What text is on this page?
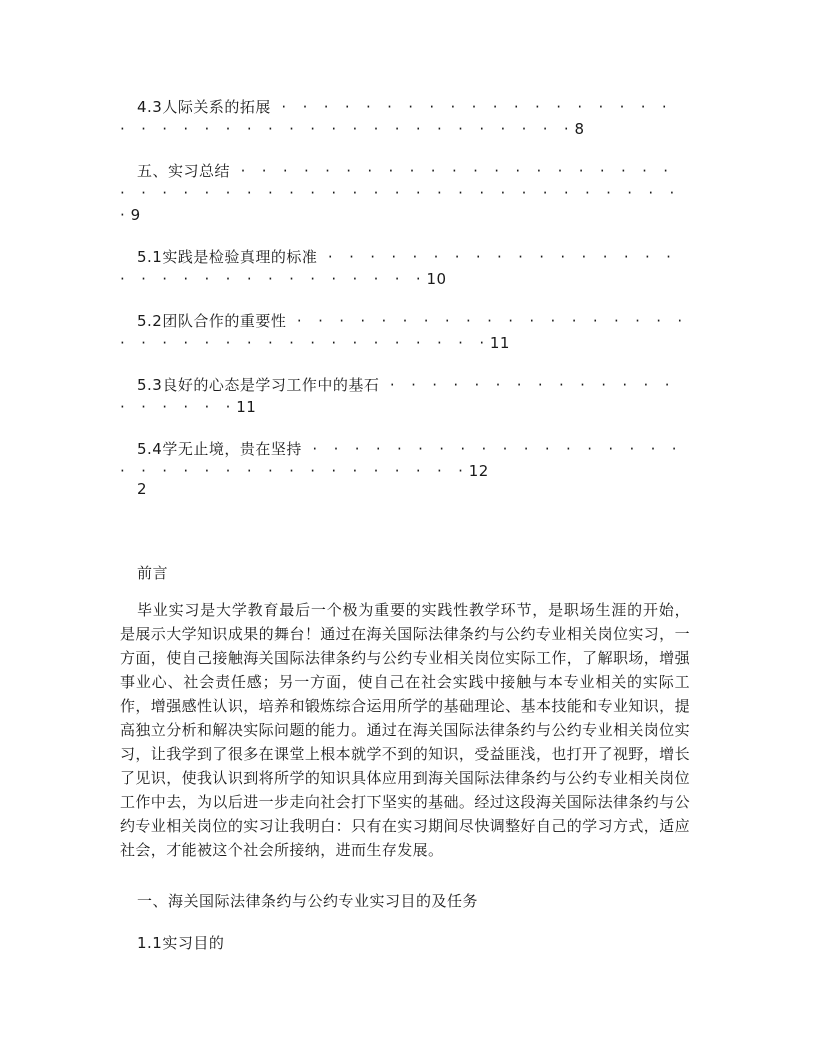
4.3人际关系的拓展 · · · · · · · · · · · · · · · · · · · · · · · · · · · · · · · · · · · · · · · · ·8
五、实习总结 · · · · · · · · · · · · · · · · · · · · · · · · · · · · · · · · · · · · · · · · · · · · · · · · ·9
5.1实践是检验真理的标准 · · · · · · · · · · · · · · · · · · · · · · · · · · · · · · · ·10
5.2团队合作的重要性 · · · · · · · · · · · · · · · · · · · · · · · · · · · · · · · · · · · · ·11
5.3良好的心态是学习工作中的基石 · · · · · · · · · · · · · · · · · · · ·11
5.4学无止境，贵在坚持 · · · · · · · · · · · · · · · · · · · · · · · · · · · · · · · · · · ·12
2
前言
毕业实习是大学教育最后一个极为重要的实践性教学环节，是职场生涯的开始，是展示大学知识成果的舞台！通过在海关国际法律条约与公约专业相关岗位实习，一方面，使自己接触海关国际法律条约与公约专业相关岗位实际工作，了解职场，增强事业心、社会责任感；另一方面，使自己在社会实践中接触与本专业相关的实际工作，增强感性认识，培养和锻炼综合运用所学的基础理论、基本技能和专业知识，提高独立分析和解决实际问题的能力。通过在海关国际法律条约与公约专业相关岗位实习，让我学到了很多在课堂上根本就学不到的知识，受益匪浅，也打开了视野，增长了见识，使我认识到将所学的知识具体应用到海关国际法律条约与公约专业相关岗位工作中去，为以后进一步走向社会打下坚实的基础。经过这段海关国际法律条约与公约专业相关岗位的实习让我明白：只有在实习期间尽快调整好自己的学习方式，适应社会，才能被这个社会所接纳，进而生存发展。
一、海关国际法律条约与公约专业实习目的及任务
1.1实习目的
